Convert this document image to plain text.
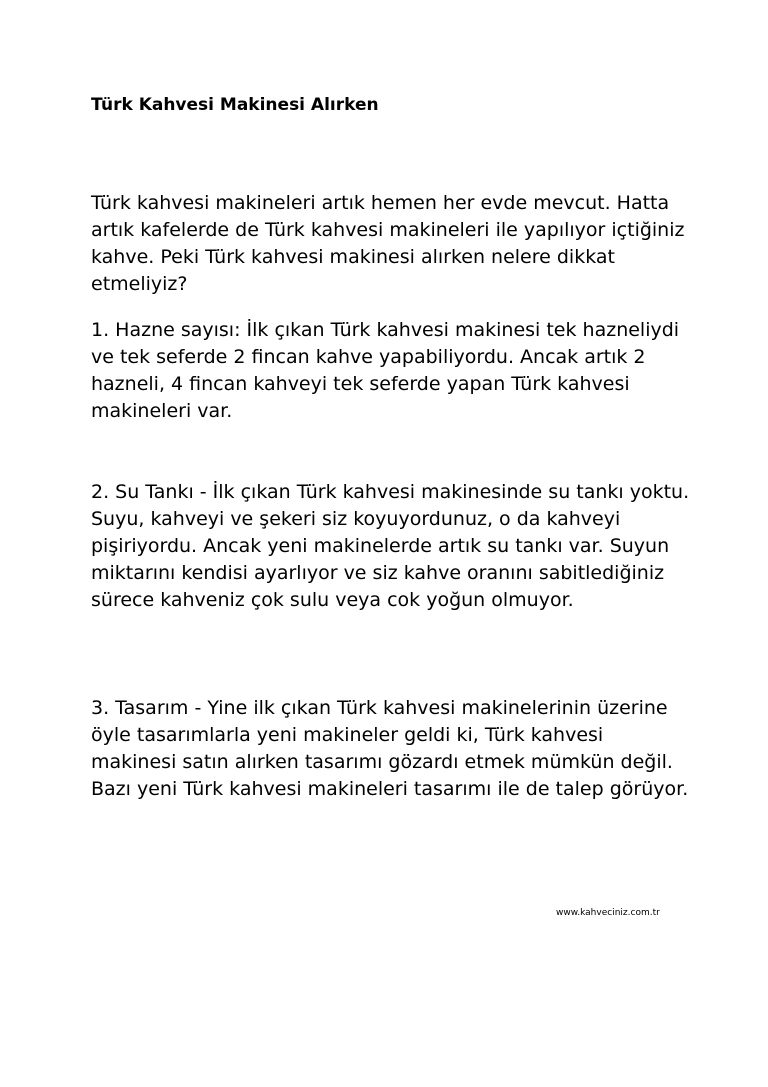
Türk Kahvesi Makinesi Alırken

Türk kahvesi makineleri artık hemen her evde mevcut. Hatta artık kafelerde de Türk kahvesi makineleri ile yapılıyor içtiğiniz kahve. Peki Türk kahvesi makinesi alırken nelere dikkat etmeliyiz?

1. Hazne sayısı: İlk çıkan Türk kahvesi makinesi tek hazneliydi ve tek seferde 2 fincan kahve yapabiliyordu. Ancak artık 2 hazneli, 4 fincan kahveyi tek seferde yapan Türk kahvesi makineleri var.

2. Su Tankı - İlk çıkan Türk kahvesi makinesinde su tankı yoktu. Suyu, kahveyi ve şekeri siz koyuyordunuz, o da kahveyi pişiriyordu. Ancak yeni makinelerde artık su tankı var. Suyun miktarını kendisi ayarlıyor ve siz kahve oranını sabitlediğiniz sürece kahveniz çok sulu veya cok yoğun olmuyor.

3. Tasarım - Yine ilk çıkan Türk kahvesi makinelerinin üzerine öyle tasarımlarla yeni makineler geldi ki, Türk kahvesi makinesi satın alırken tasarımı gözardı etmek mümkün değil. Bazı yeni Türk kahvesi makineleri tasarımı ile de talep görüyor.

www.kahveciniz.com.tr
